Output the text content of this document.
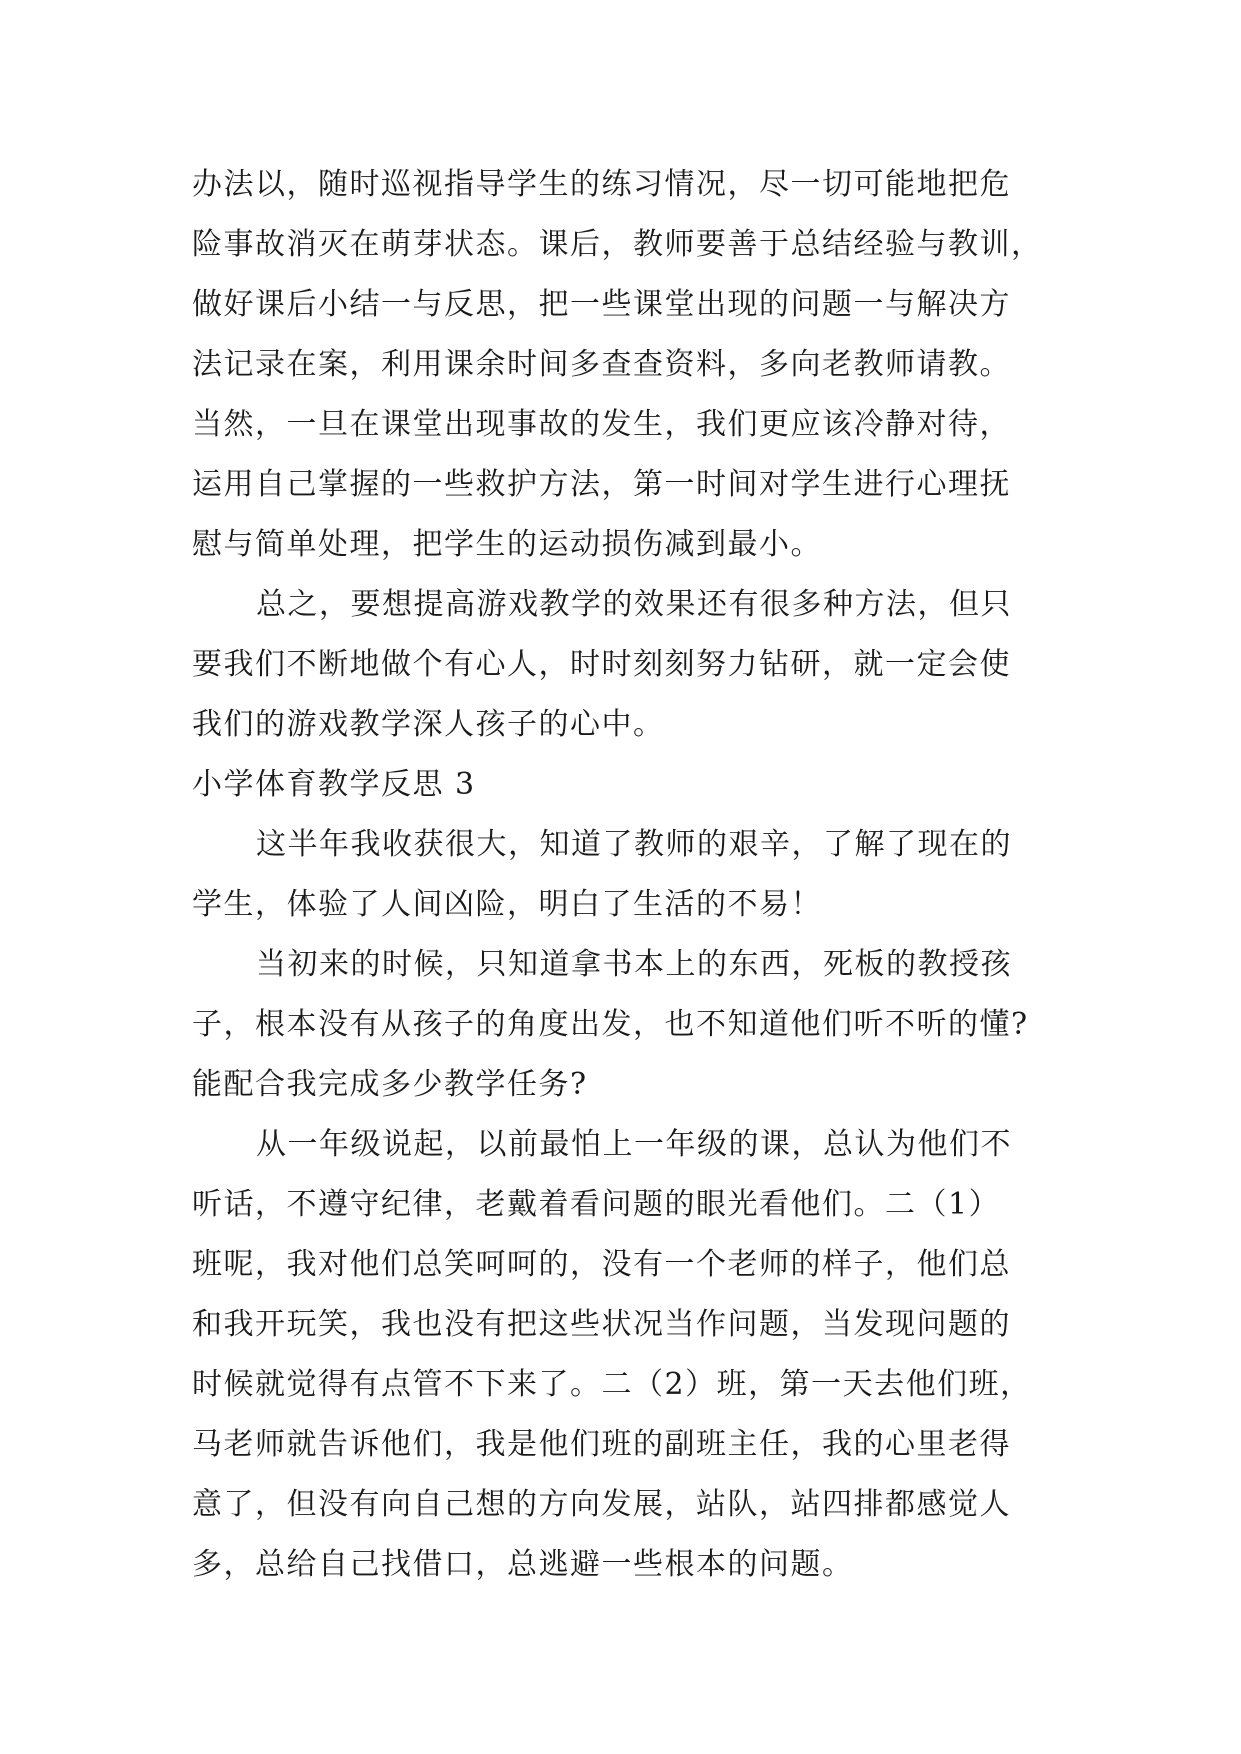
办法以，随时巡视指导学生的练习情况，尽一切可能地把危
险事故消灭在萌芽状态。课后，教师要善于总结经验与教训，
做好课后小结一与反思，把一些课堂出现的问题一与解决方
法记录在案，利用课余时间多查查资料，多向老教师请教。
当然，一旦在课堂出现事故的发生，我们更应该冷静对待，
运用自己掌握的一些救护方法，第一时间对学生进行心理抚
慰与简单处理，把学生的运动损伤减到最小。
总之，要想提高游戏教学的效果还有很多种方法，但只
要我们不断地做个有心人，时时刻刻努力钻研，就一定会使
我们的游戏教学深人孩子的心中。
小学体育教学反思 3
这半年我收获很大，知道了教师的艰辛，了解了现在的
学生，体验了人间凶险，明白了生活的不易！
当初来的时候，只知道拿书本上的东西，死板的教授孩
子，根本没有从孩子的角度出发，也不知道他们听不听的懂?
能配合我完成多少教学任务?
从一年级说起，以前最怕上一年级的课，总认为他们不
听话，不遵守纪律，老戴着看问题的眼光看他们。二（1）
班呢，我对他们总笑呵呵的，没有一个老师的样子，他们总
和我开玩笑，我也没有把这些状况当作问题，当发现问题的
时候就觉得有点管不下来了。二（2）班，第一天去他们班，
马老师就告诉他们，我是他们班的副班主任，我的心里老得
意了，但没有向自己想的方向发展，站队，站四排都感觉人
多，总给自己找借口，总逃避一些根本的问题。
